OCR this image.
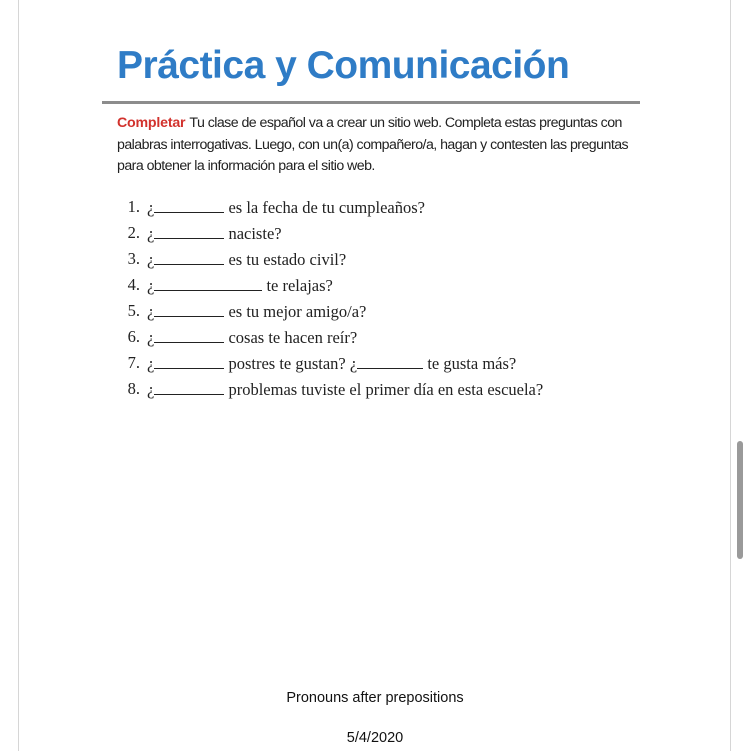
Práctica y Comunicación
Completar Tu clase de español va a crear un sitio web. Completa estas preguntas con palabras interrogativas. Luego, con un(a) compañero/a, hagan y contesten las preguntas para obtener la información para el sitio web.
1. ¿	es la fecha de tu cumpleaños?
2. ¿	naciste?
3. ¿	es tu estado civil?
4. ¿	te relajas?
5. ¿	es tu mejor amigo/a?
6. ¿	cosas te hacen reír?
7. ¿	postres te gustan? ¿	te gusta más?
8. ¿	problemas tuviste el primer día en esta escuela?
Pronouns after prepositions
5/4/2020
